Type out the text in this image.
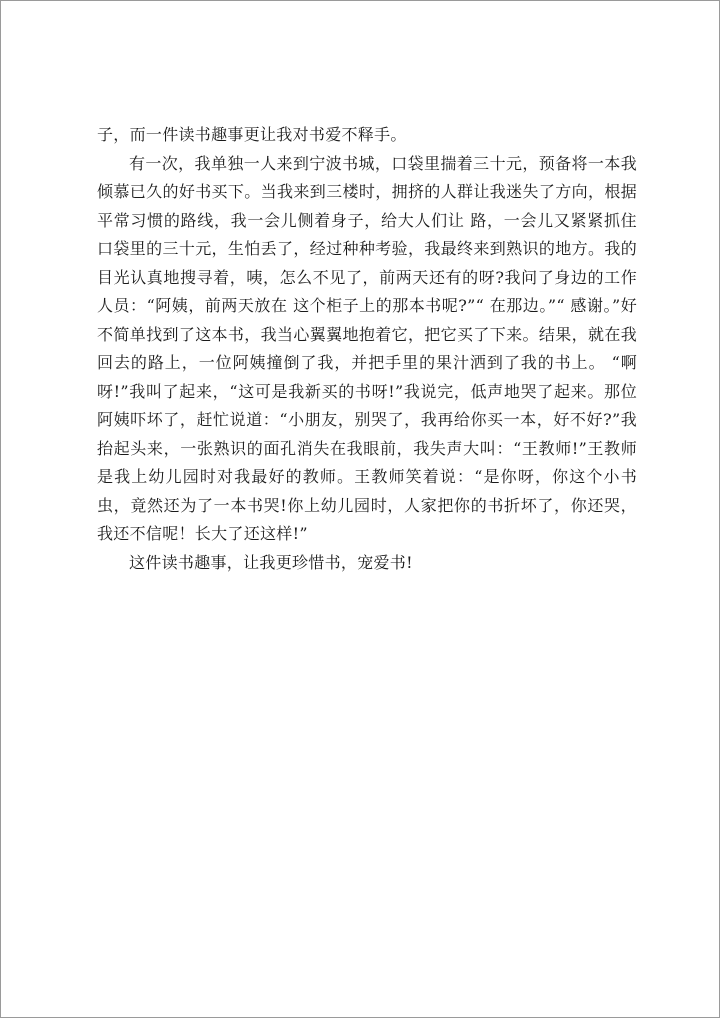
子，而一件读书趣事更让我对书爱不释手。

有一次，我单独一人来到宁波书城，口袋里揣着三十元，预备将一本我倾慕已久的好书买下。当我来到三楼时，拥挤的人群让我迷失了方向，根据平常习惯的路线，我一会儿侧着身子，给大人们让 路，一会儿又紧紧抓住口袋里的三十元，生怕丢了，经过种种考验，我最终来到熟识的地方。我的目光认真地搜寻着，咦，怎么不见了，前两天还有的呀?我问了身边的工作人员：“阿姨，前两天放在 这个柜子上的那本书呢?”“ 在那边。”“ 感谢。”好不简单找到了这本书，我当心翼翼地抱着它，把它买了下来。结果，就在我回去的路上，一位阿姨撞倒了我，并把手里的果汁洒到了我的书上。 “啊呀!”我叫了起来，“这可是我新买的书呀!”我说完，低声地哭了起来。那位阿姨吓坏了，赶忙说道：“小朋友，别哭了，我再给你买一本，好不好?”我抬起头来，一张熟识的面孔消失在我眼前，我失声大叫：“王教师!”王教师是我上幼儿园时对我最好的教师。王教师笑着说：“是你呀，你这个小书虫，竟然还为了一本书哭!你上幼儿园时，人家把你的书折坏了，你还哭，我还不信呢！长大了还这样!”

这件读书趣事，让我更珍惜书，宠爱书!
